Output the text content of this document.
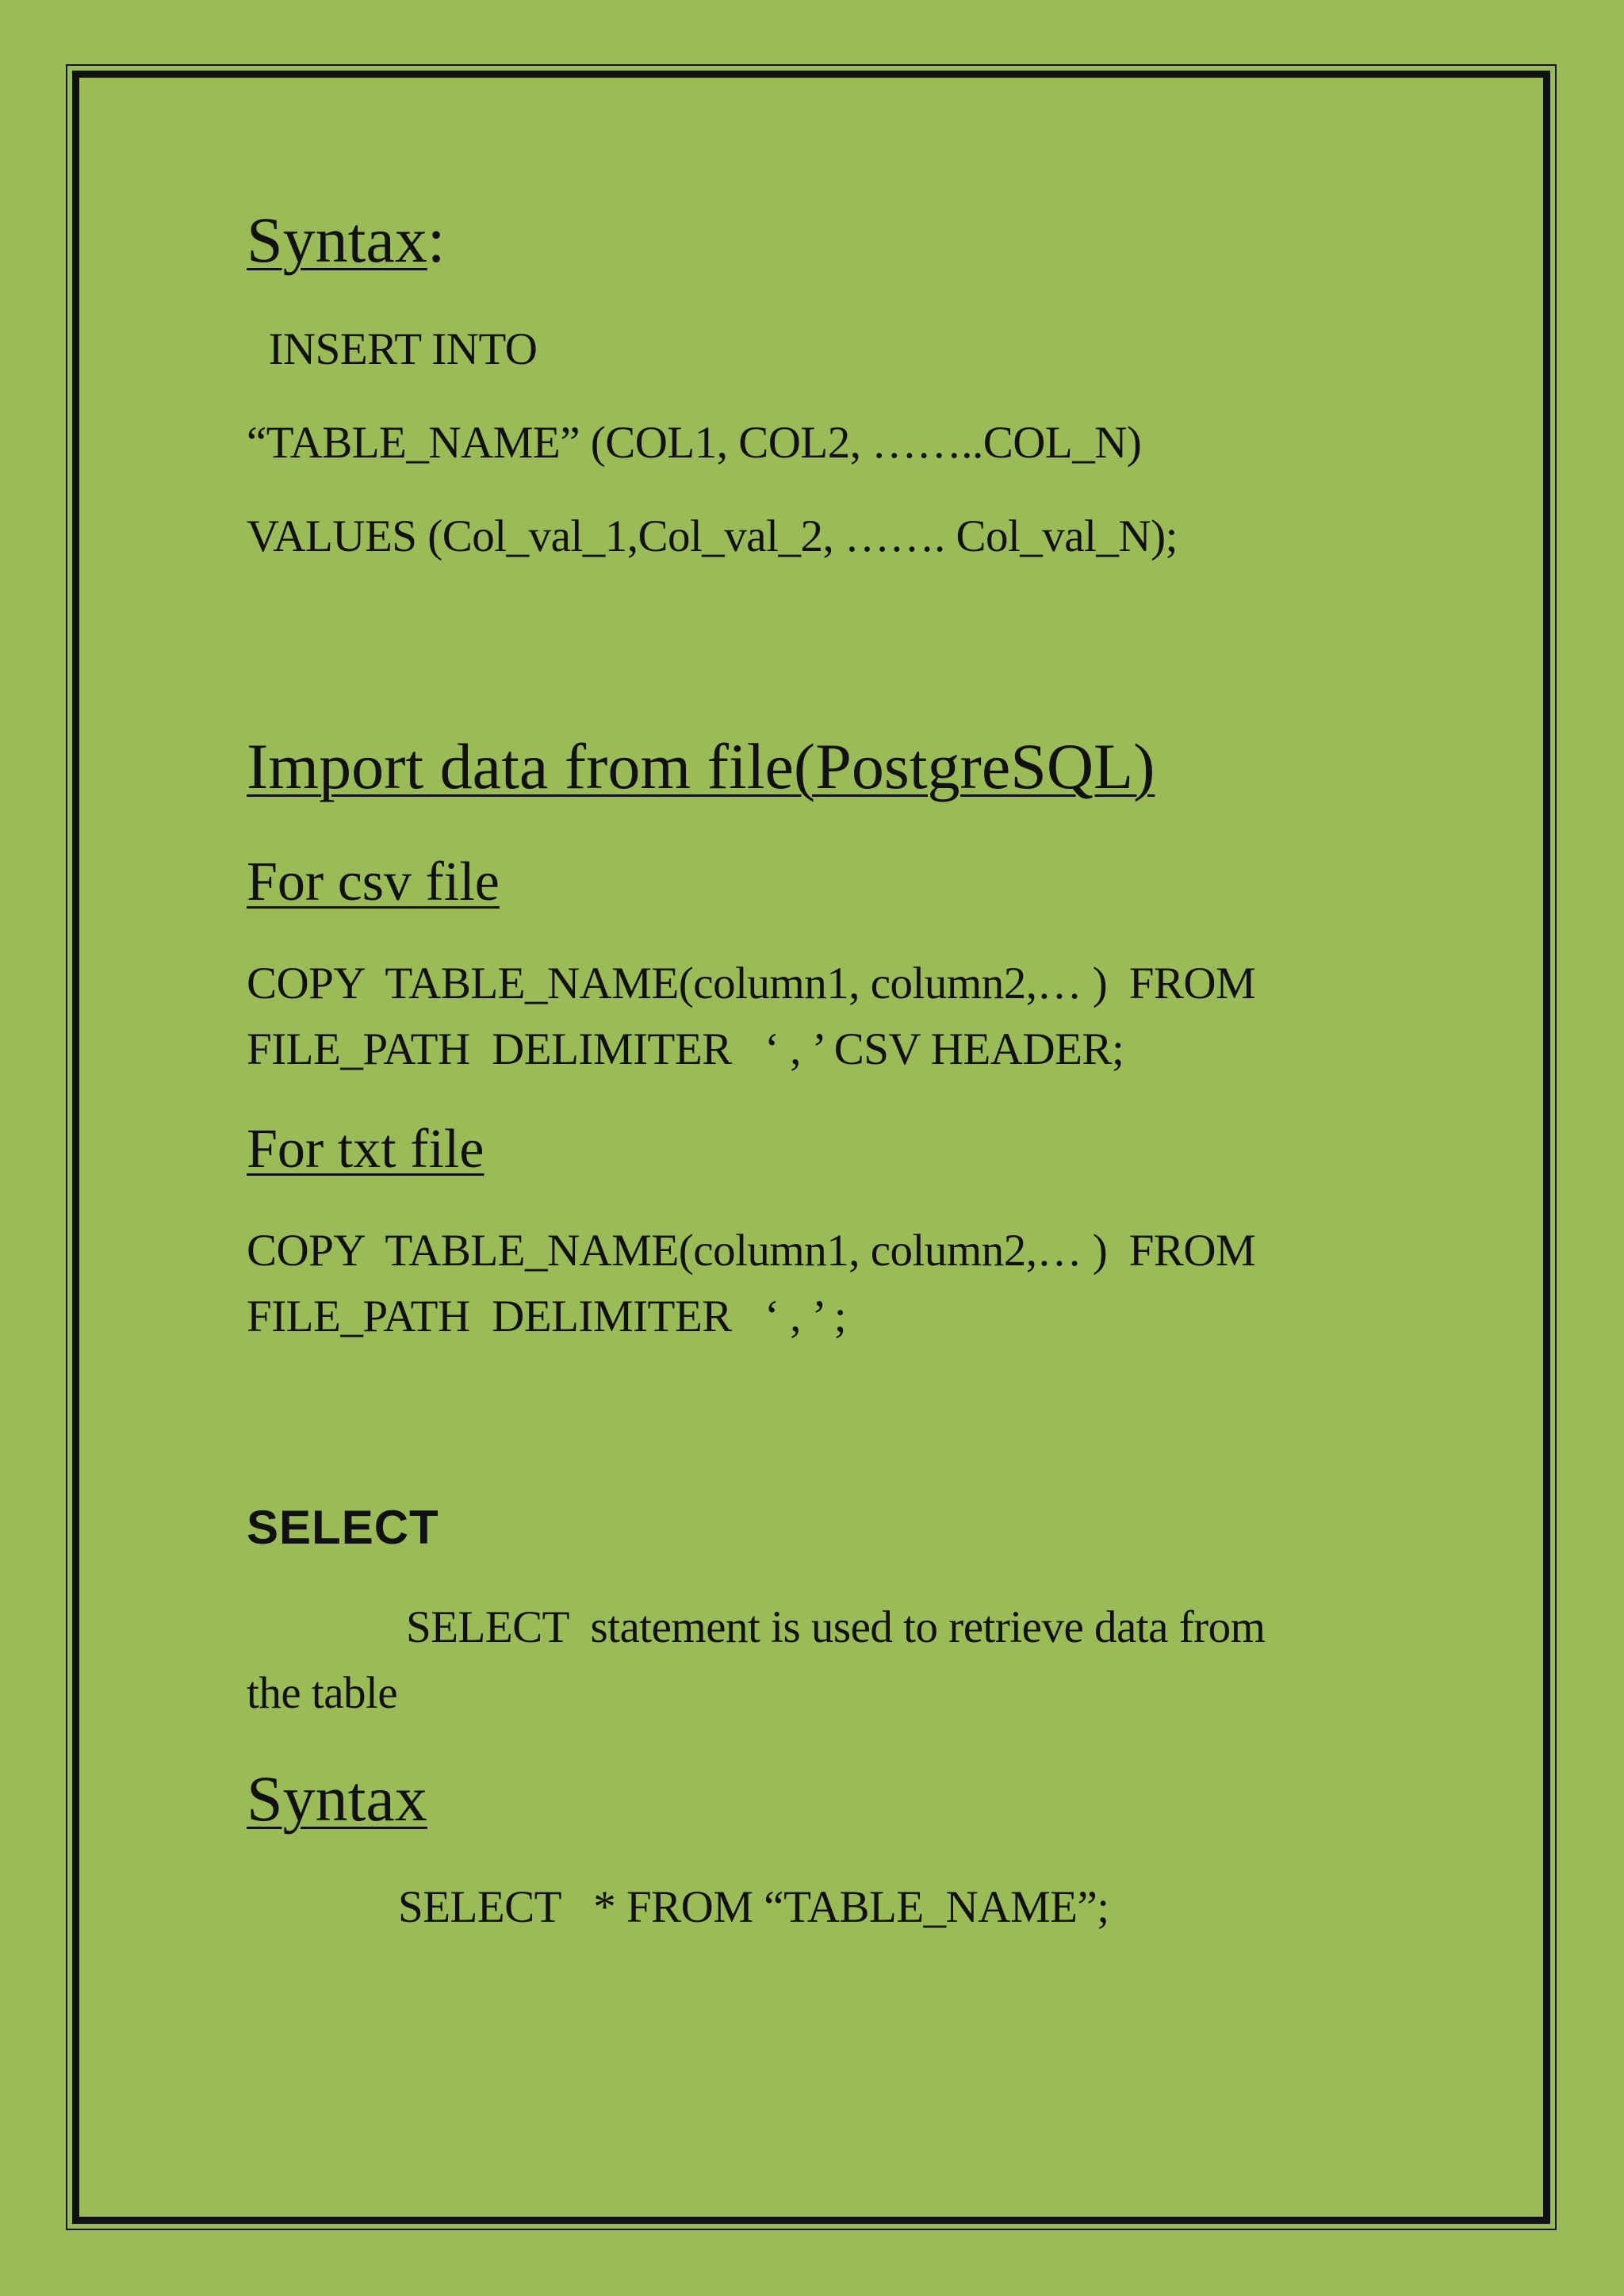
Syntax:
INSERT INTO
“TABLE_NAME” (COL1, COL2, ……..COL_N)
VALUES (Col_val_1,Col_val_2, ……. Col_val_N);
Import data from file(PostgreSQL)
For csv file
COPY  TABLE_NAME(column1, column2,… )  FROM
FILE_PATH  DELIMITER   ‘ , ’ CSV HEADER;
For txt file
COPY  TABLE_NAME(column1, column2,… )  FROM
FILE_PATH  DELIMITER   ‘ , ’ ;
SELECT
SELECT  statement is used to retrieve data from
the table
Syntax
SELECT   * FROM “TABLE_NAME”;
